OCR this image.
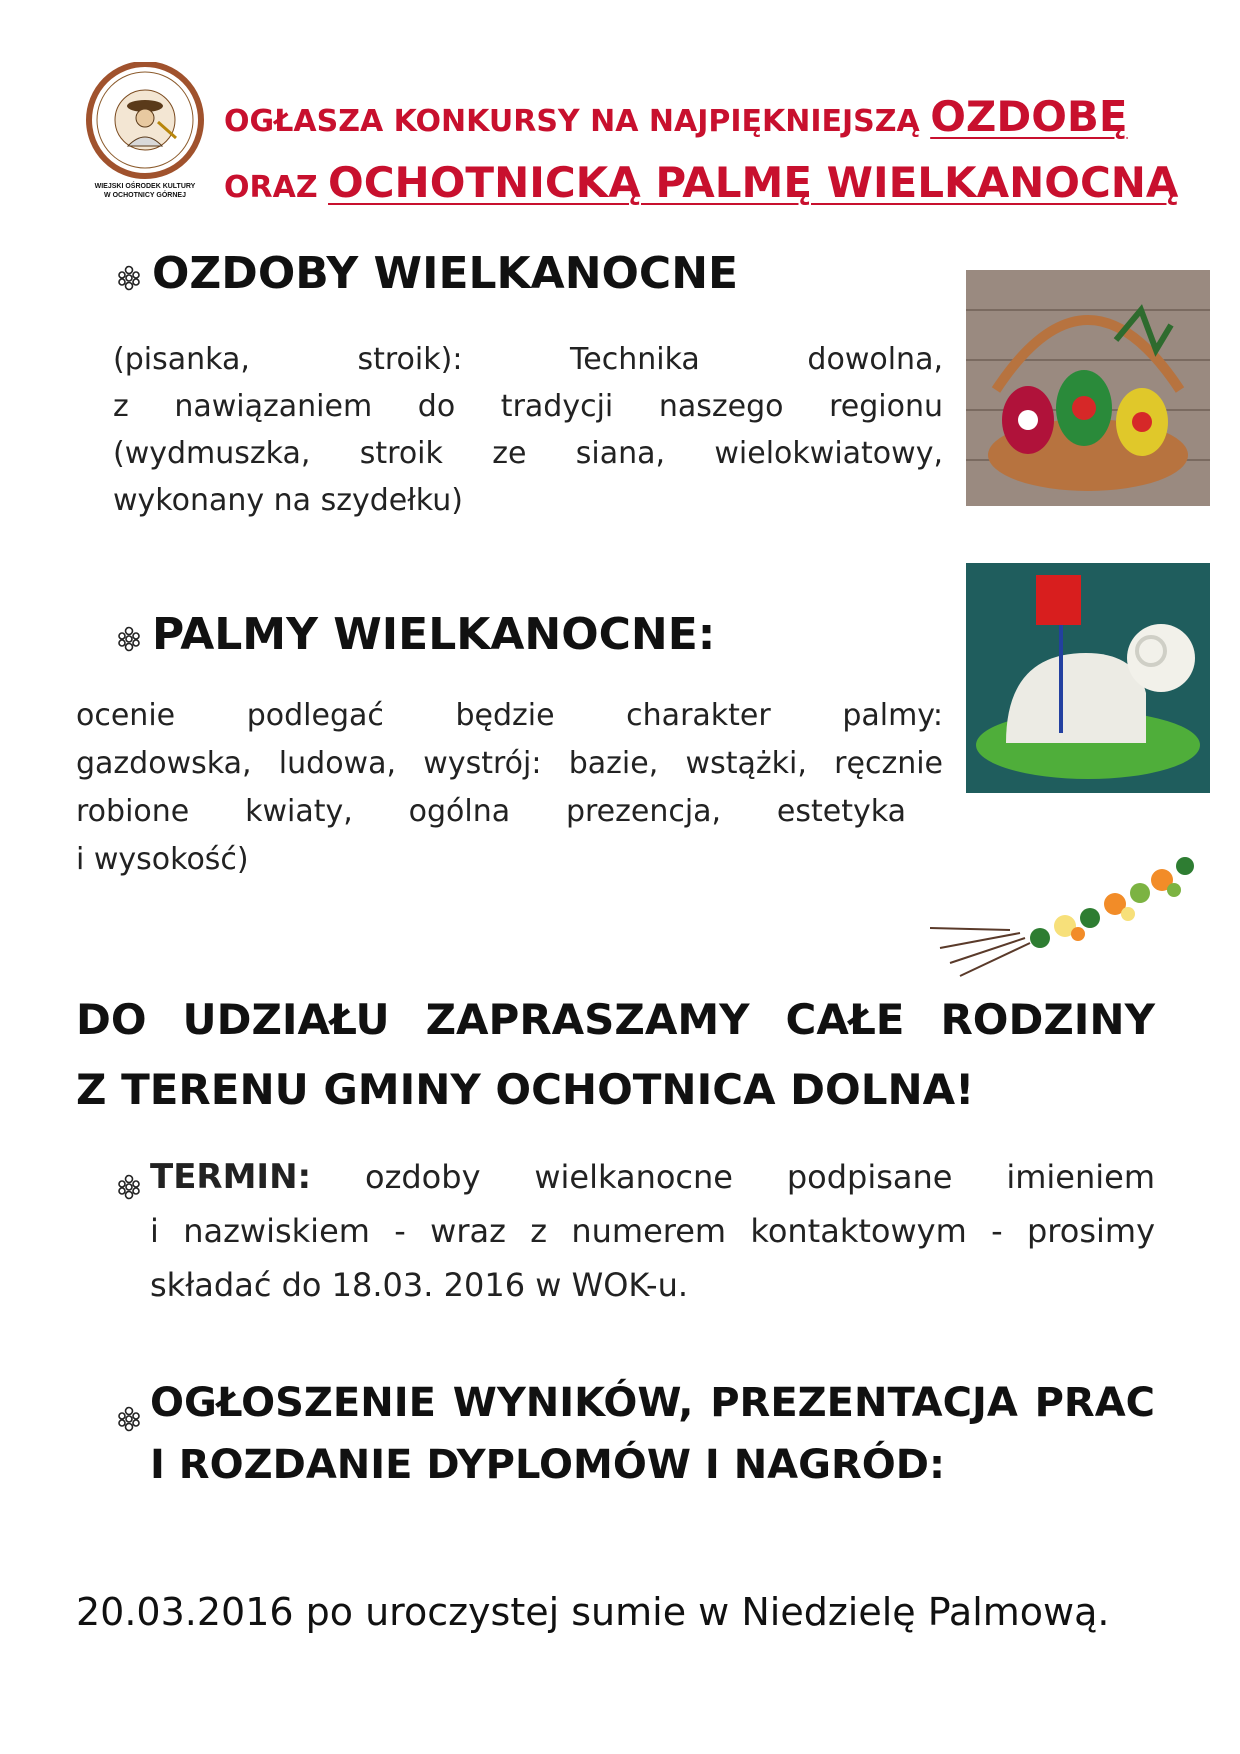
WIEJSKI OŚRODEK KULTURY
W OCHOTNICY GÓRNEJ
OGŁASZA KONKURSY NA NAJPIĘKNIEJSZĄ OZDOBĘ
ORAZ OCHOTNICKĄ PALMĘ WIELKANOCNĄ
OZDOBY WIELKANOCNE
(pisanka, stroik): Technika dowolna,
z nawiązaniem do tradycji naszego regionu
(wydmuszka, stroik ze siana, wielokwiatowy,
wykonany na szydełku)
PALMY WIELKANOCNE:
ocenie podlegać będzie charakter palmy:
gazdowska, ludowa, wystrój: bazie, wstążki, ręcznie
robione kwiaty, ogólna prezencja, estetyka
i wysokość)
DO UDZIAŁU ZAPRASZAMY CAŁE RODZINY
Z TERENU GMINY OCHOTNICA DOLNA!
TERMIN: ozdoby wielkanocne podpisane imieniem
i nazwiskiem - wraz z numerem kontaktowym - prosimy
składać do 18.03. 2016 w WOK-u.
OGŁOSZENIE WYNIKÓW, PREZENTACJA PRAC
I ROZDANIE DYPLOMÓW I NAGRÓD:
20.03.2016 po uroczystej sumie w Niedzielę Palmową.
